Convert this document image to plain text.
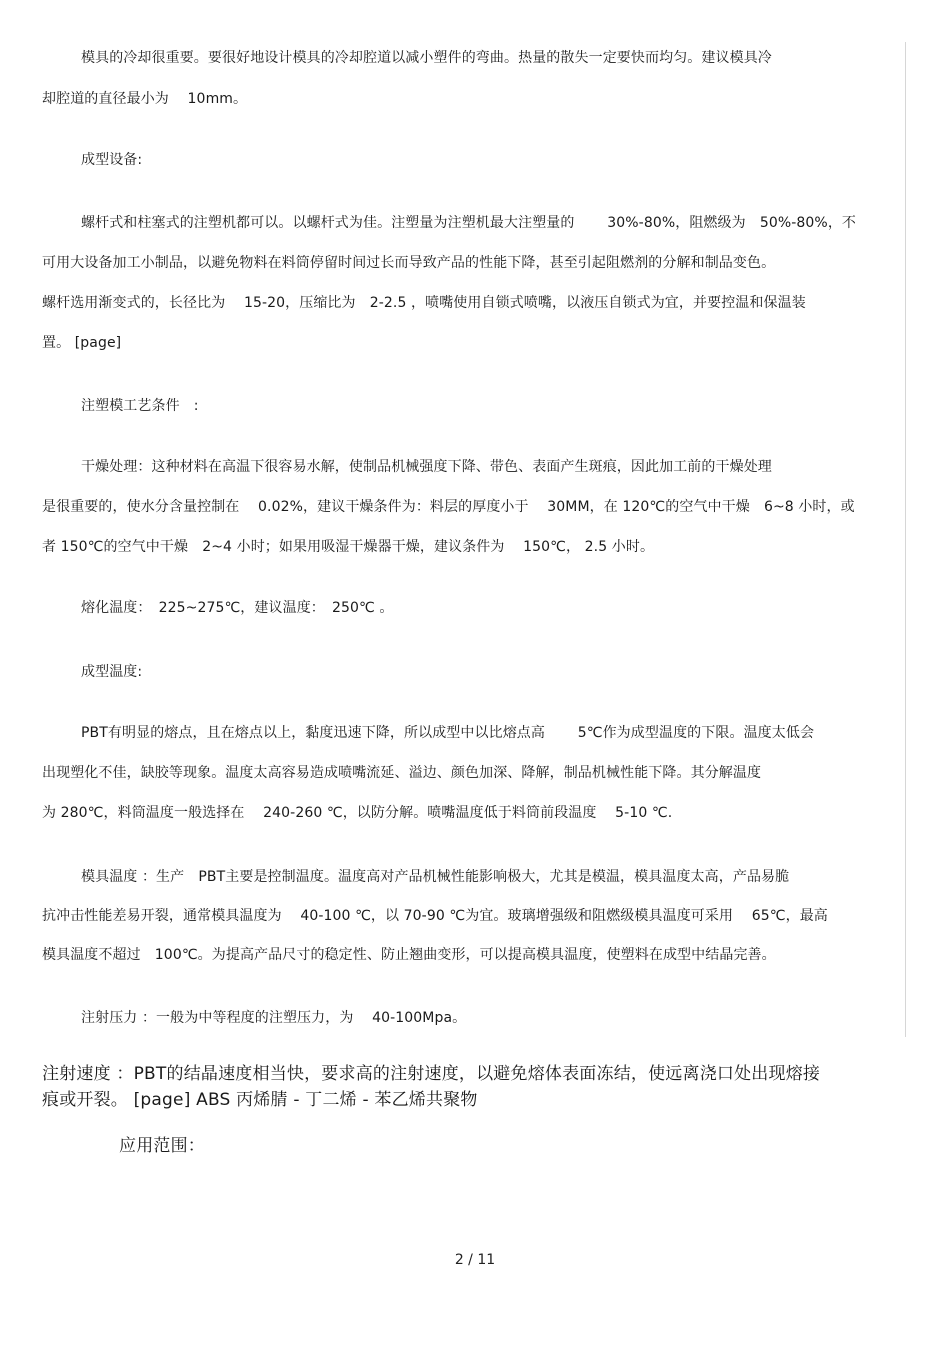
模具的冷却很重要。要很好地设计模具的冷却腔道以减小塑件的弯曲。热量的散失一定要快而均匀。建议模具冷
却腔道的直径最小为　 10mm。
成型设备:
螺杆式和柱塞式的注塑机都可以。以螺杆式为佳。注塑量为注塑机最大注塑量的　　 30%-80%，阻燃级为　50%-80%，不
可用大设备加工小制品，以避免物料在料筒停留时间过长而导致产品的性能下降，甚至引起阻燃剂的分解和制品变色。
螺杆选用渐变式的，长径比为　 15-20，压缩比为　2-2.5 ，喷嘴使用自锁式喷嘴，以液压自锁式为宜，并要控温和保温装
置。 [page]
注塑模工艺条件　:
干燥处理：这种材料在高温下很容易水解，使制品机械强度下降、带色、表面产生斑痕，因此加工前的干燥处理
是很重要的，使水分含量控制在　 0.02%，建议干燥条件为：料层的厚度小于　 30MM，在 120℃的空气中干燥　6~8 小时，或
者 150℃的空气中干燥　2~4 小时；如果用吸湿干燥器干燥，建议条件为　 150℃， 2.5 小时。
熔化温度：　225~275℃，建议温度：　250℃ 。
成型温度:
PBT有明显的熔点，且在熔点以上，黏度迅速下降，所以成型中以比熔点高　　 5℃作为成型温度的下限。温度太低会
出现塑化不佳，缺胶等现象。温度太高容易造成喷嘴流延、溢边、颜色加深、降解，制品机械性能下降。其分解温度
为 280℃，料筒温度一般选择在　 240-260 ℃，以防分解。喷嘴温度低于料筒前段温度　 5-10 ℃.
模具温度 ：生产　PBT主要是控制温度。温度高对产品机械性能影响极大，尤其是模温，模具温度太高，产品易脆
抗冲击性能差易开裂，通常模具温度为　 40-100 ℃，以 70-90 ℃为宜。玻璃增强级和阻燃级模具温度可采用　 65℃，最高
模具温度不超过　100℃。为提高产品尺寸的稳定性、防止翘曲变形，可以提高模具温度，使塑料在成型中结晶完善。
注射压力 ：一般为中等程度的注塑压力，为　 40-100Mpa。
注射速度 ：PBT的结晶速度相当快，要求高的注射速度，以避免熔体表面冻结，使远离浇口处出现熔接
痕或开裂。 [page] ABS 丙烯腈 - 丁二烯 - 苯乙烯共聚物
应用范围：
2 / 11
